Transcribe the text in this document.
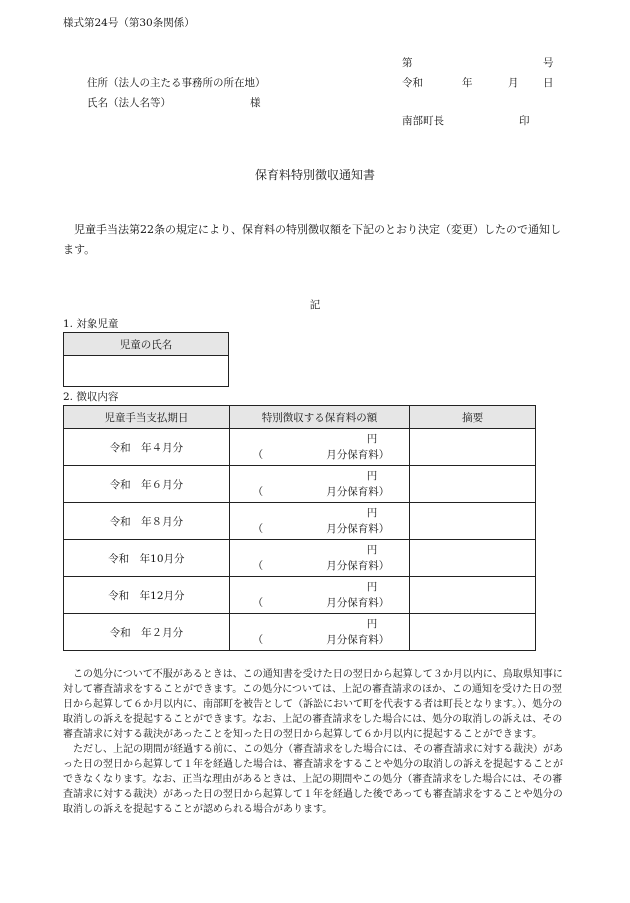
様式第24号（第30条関係）
第	号
住所（法人の主たる事務所の所在地）	令和	年	月 日
氏名（法人名等）	様
南部町長	印
保育料特別徴収通知書
児童手当法第22条の規定により、保育料の特別徴収額を下記のとおり決定（変更）したので通知します。
記
1. 対象児童
児童の氏名

2. 徴収内容
児童手当支払期日	特別徴収する保育料の額	摘要
令和　年４月分	円
（ 月分保育料）	

令和　年６月分	円
（ 月分保育料）	

令和　年８月分	円
（ 月分保育料）	

令和　年10月分	円
（ 月分保育料）	

令和　年12月分	円
（ 月分保育料）	

令和　年２月分	円
（ 月分保育料）	

この処分について不服があるときは、この通知書を受けた日の翌日から起算して３か月以内に、鳥取県知事に対して審査請求をすることができます。この処分については、上記の審査請求のほか、この通知を受けた日の翌日から起算して６か月以内に、南部町を被告として（訴訟において町を代表する者は町長となります。）、処分の取消しの訴えを提起することができます。なお、上記の審査請求をした場合には、処分の取消しの訴えは、その審査請求に対する裁決があったことを知った日の翌日から起算して６か月以内に提起することができます。

ただし、上記の期間が経過する前に、この処分（審査請求をした場合には、その審査請求に対する裁決）があった日の翌日から起算して１年を経過した場合は、審査請求をすることや処分の取消しの訴えを提起することができなくなります。なお、正当な理由があるときは、上記の期間やこの処分（審査請求をした場合には、その審査請求に対する裁決）があった日の翌日から起算して１年を経過した後であっても審査請求をすることや処分の取消しの訴えを提起することが認められる場合があります。
